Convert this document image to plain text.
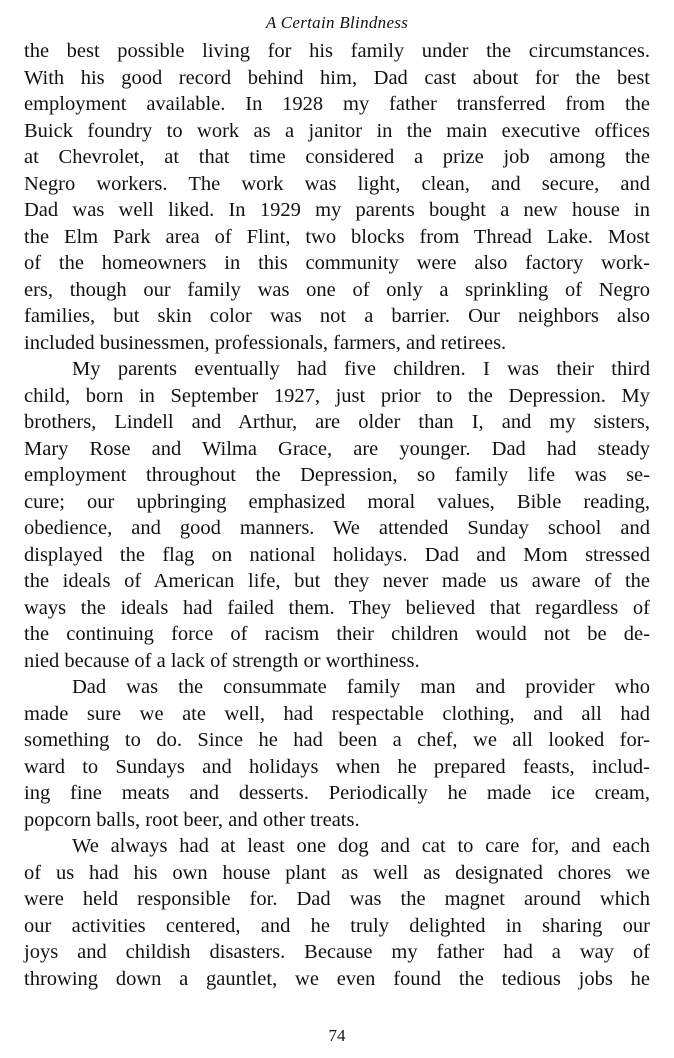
A Certain Blindness
the best possible living for his family under the circumstances.
With his good record behind him, Dad cast about for the best
employment available. In 1928 my father transferred from the
Buick foundry to work as a janitor in the main executive offices
at Chevrolet, at that time considered a prize job among the
Negro workers. The work was light, clean, and secure, and
Dad was well liked. In 1929 my parents bought a new house in
the Elm Park area of Flint, two blocks from Thread Lake. Most
of the homeowners in this community were also factory work-
ers, though our family was one of only a sprinkling of Negro
families, but skin color was not a barrier. Our neighbors also
included businessmen, professionals, farmers, and retirees.
My parents eventually had five children. I was their third
child, born in September 1927, just prior to the Depression. My
brothers, Lindell and Arthur, are older than I, and my sisters,
Mary Rose and Wilma Grace, are younger. Dad had steady
employment throughout the Depression, so family life was se-
cure; our upbringing emphasized moral values, Bible reading,
obedience, and good manners. We attended Sunday school and
displayed the flag on national holidays. Dad and Mom stressed
the ideals of American life, but they never made us aware of the
ways the ideals had failed them. They believed that regardless of
the continuing force of racism their children would not be de-
nied because of a lack of strength or worthiness.
Dad was the consummate family man and provider who
made sure we ate well, had respectable clothing, and all had
something to do. Since he had been a chef, we all looked for-
ward to Sundays and holidays when he prepared feasts, includ-
ing fine meats and desserts. Periodically he made ice cream,
popcorn balls, root beer, and other treats.
We always had at least one dog and cat to care for, and each
of us had his own house plant as well as designated chores we
were held responsible for. Dad was the magnet around which
our activities centered, and he truly delighted in sharing our
joys and childish disasters. Because my father had a way of
throwing down a gauntlet, we even found the tedious jobs he
74
